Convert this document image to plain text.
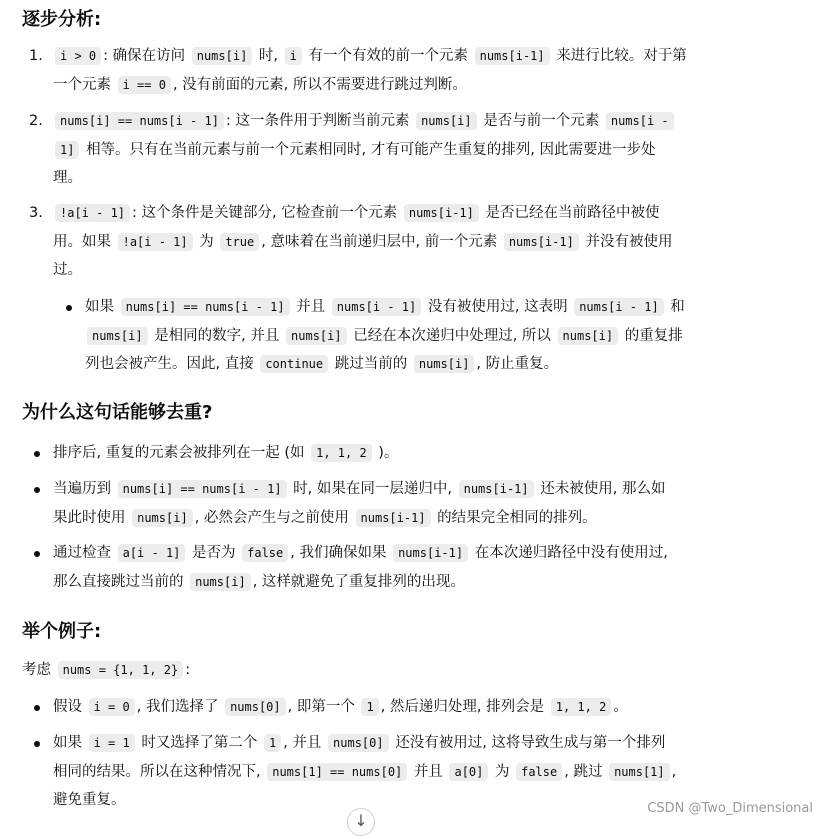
逐步分析:
1.	i > 0 : 确保在访问 nums[i] 时, i 有一个有效的前一个元素 nums[i-1] 来进行比较。对于第
一个元素 i == 0 , 没有前面的元素, 所以不需要进行跳过判断。
2.	nums[i] == nums[i - 1] : 这一条件用于判断当前元素 nums[i] 是否与前一个元素 nums[i -
1] 相等。只有在当前元素与前一个元素相同时, 才有可能产生重复的排列, 因此需要进一步处
理。
3.	!a[i - 1] : 这个条件是关键部分, 它检查前一个元素 nums[i-1] 是否已经在当前路径中被使
用。如果 !a[i - 1] 为 true , 意味着在当前递归层中, 前一个元素 nums[i-1] 并没有被使用
过。
如果 nums[i] == nums[i - 1] 并且 nums[i - 1] 没有被使用过, 这表明 nums[i - 1] 和
nums[i] 是相同的数字, 并且 nums[i] 已经在本次递归中处理过, 所以 nums[i] 的重复排
列也会被产生。因此, 直接 continue 跳过当前的 nums[i] , 防止重复。
为什么这句话能够去重?
排序后, 重复的元素会被排列在一起 (如 1, 1, 2 )。
当遍历到 nums[i] == nums[i - 1] 时, 如果在同一层递归中, nums[i-1] 还未被使用, 那么如
果此时使用 nums[i] , 必然会产生与之前使用 nums[i-1] 的结果完全相同的排列。
通过检查 a[i - 1] 是否为 false , 我们确保如果 nums[i-1] 在本次递归路径中没有使用过,
那么直接跳过当前的 nums[i] , 这样就避免了重复排列的出现。
举个例子:

考虑 nums = {1, 1, 2} :

假设 i = 0 , 我们选择了 nums[0] , 即第一个 1 , 然后递归处理, 排列会是 1, 1, 2 。
如果 i = 1 时又选择了第二个 1 , 并且 nums[0] 还没有被用过, 这将导致生成与第一个排列
相同的结果。所以在这种情况下, nums[1] == nums[0] 并且 a[0] 为 false , 跳过 nums[1] ,
避免重复。
↓
CSDN @Two_Dimensional
